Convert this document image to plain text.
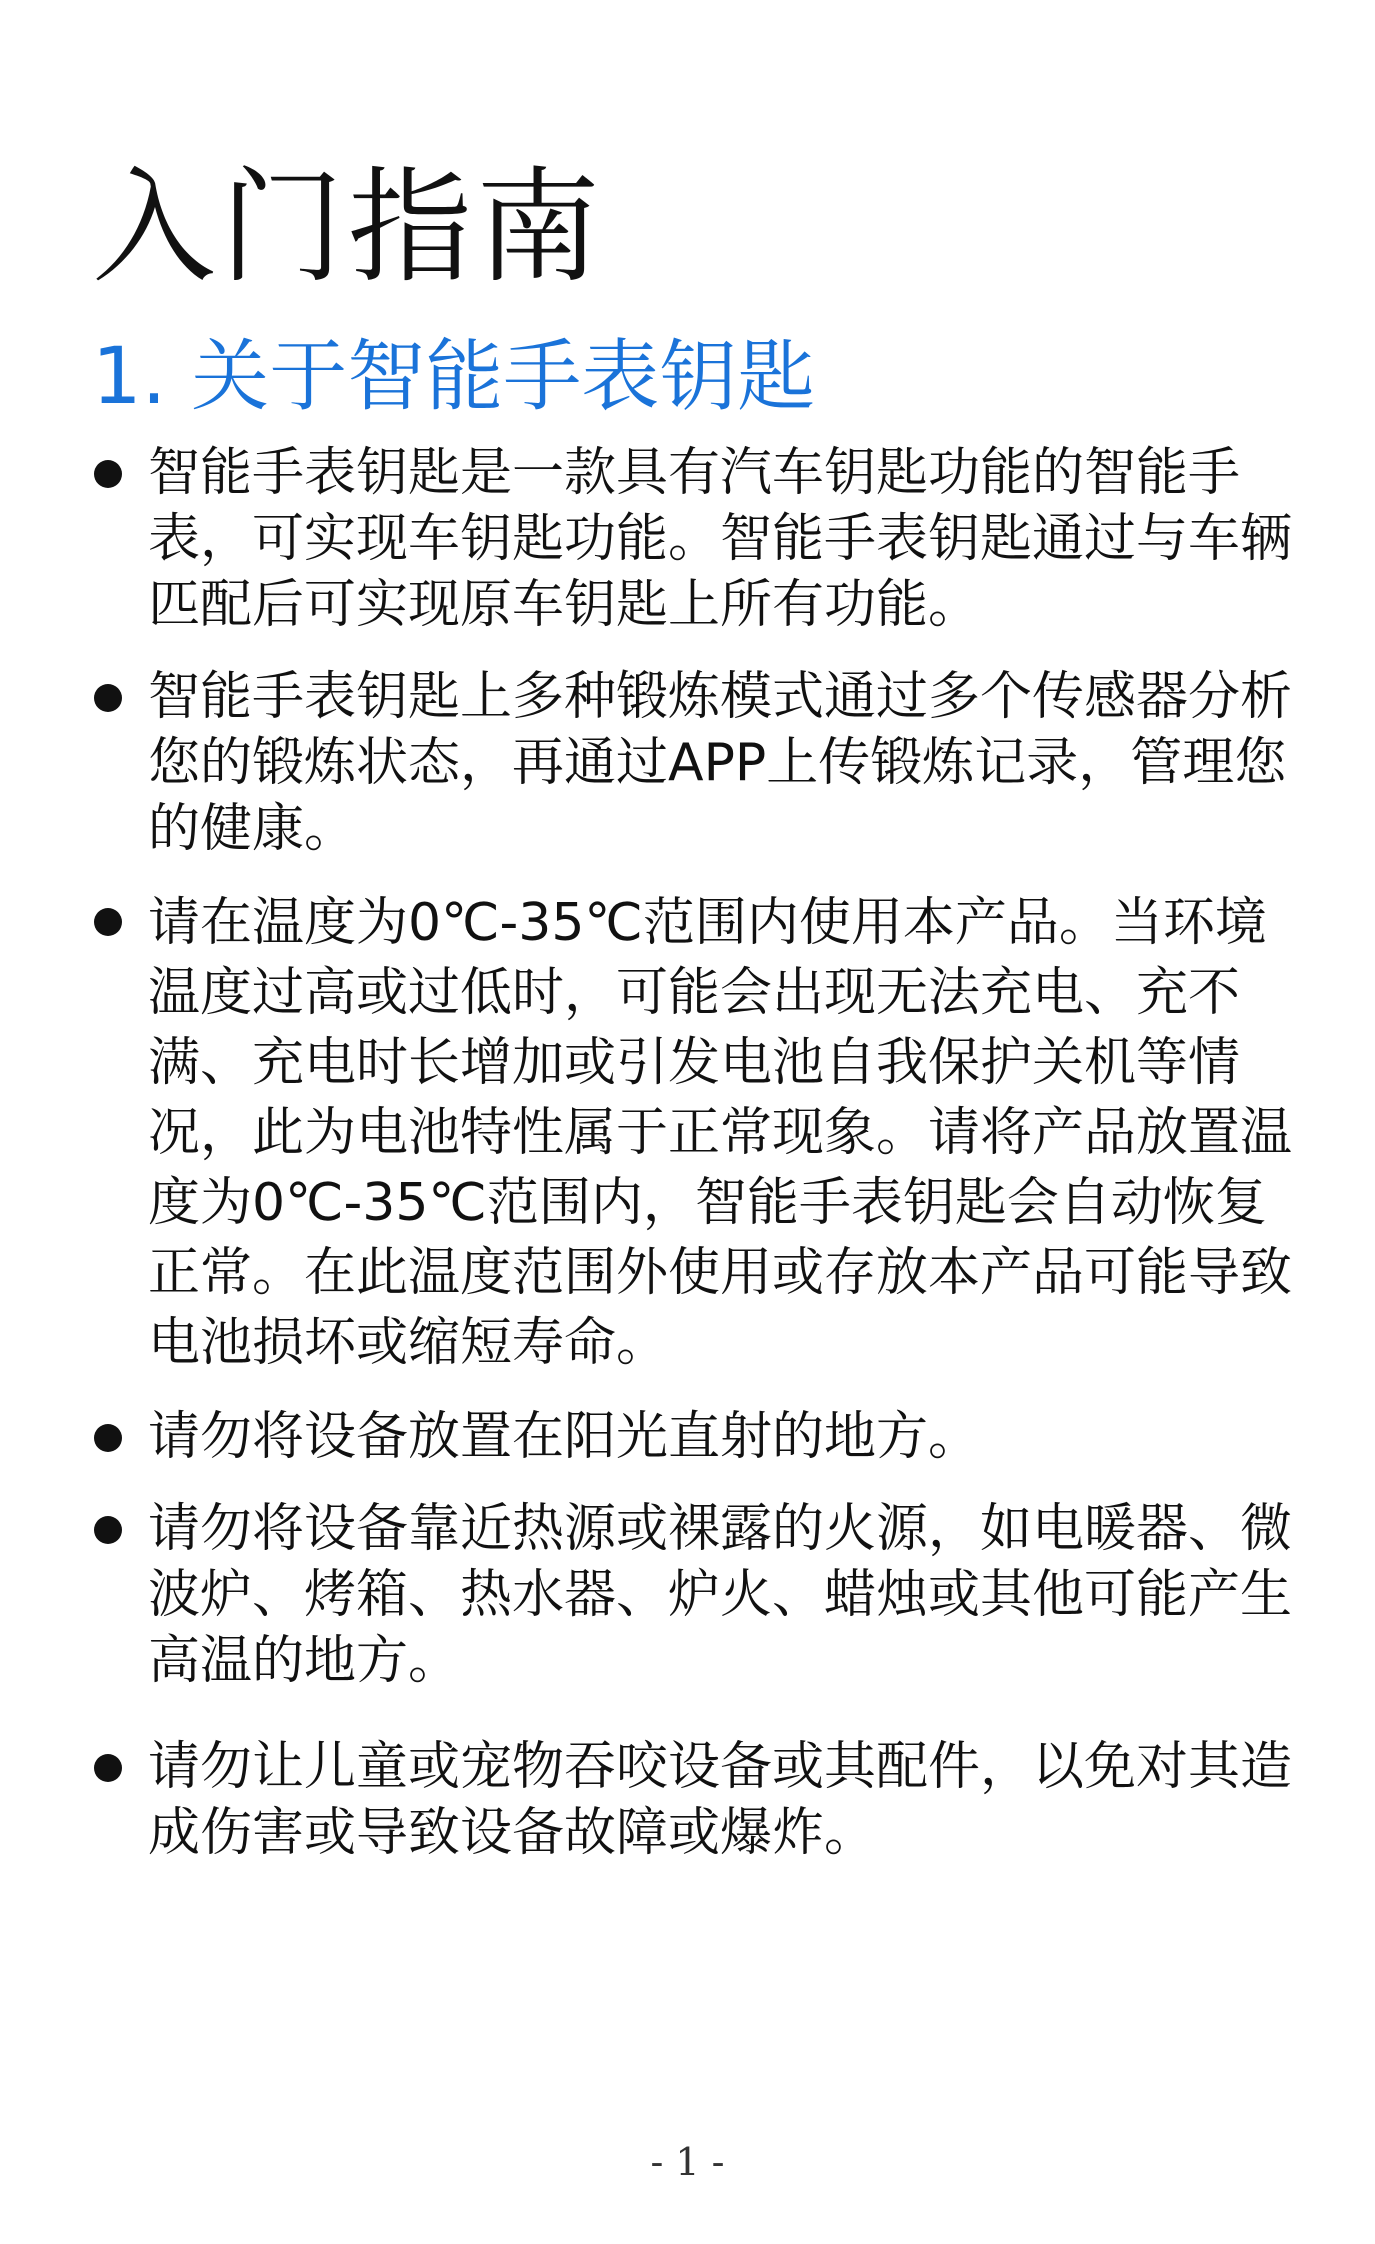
入门指南
1. 关于智能手表钥匙
智能手表钥匙是一款具有汽车钥匙功能的智能手表，可实现车钥匙功能。智能手表钥匙通过与车辆匹配后可实现原车钥匙上所有功能。
智能手表钥匙上多种锻炼模式通过多个传感器分析您的锻炼状态，再通过APP上传锻炼记录，管理您的健康。
请在温度为0℃-35℃范围内使用本产品。当环境温度过高或过低时，可能会出现无法充电、充不满、充电时长增加或引发电池自我保护关机等情况，此为电池特性属于正常现象。请将产品放置温度为0℃-35℃范围内，智能手表钥匙会自动恢复正常。在此温度范围外使用或存放本产品可能导致电池损坏或缩短寿命。
请勿将设备放置在阳光直射的地方。
请勿将设备靠近热源或裸露的火源，如电暖器、微波炉、烤箱、热水器、炉火、蜡烛或其他可能产生高温的地方。
请勿让儿童或宠物吞咬设备或其配件，以免对其造成伤害或导致设备故障或爆炸。
- 1 -
